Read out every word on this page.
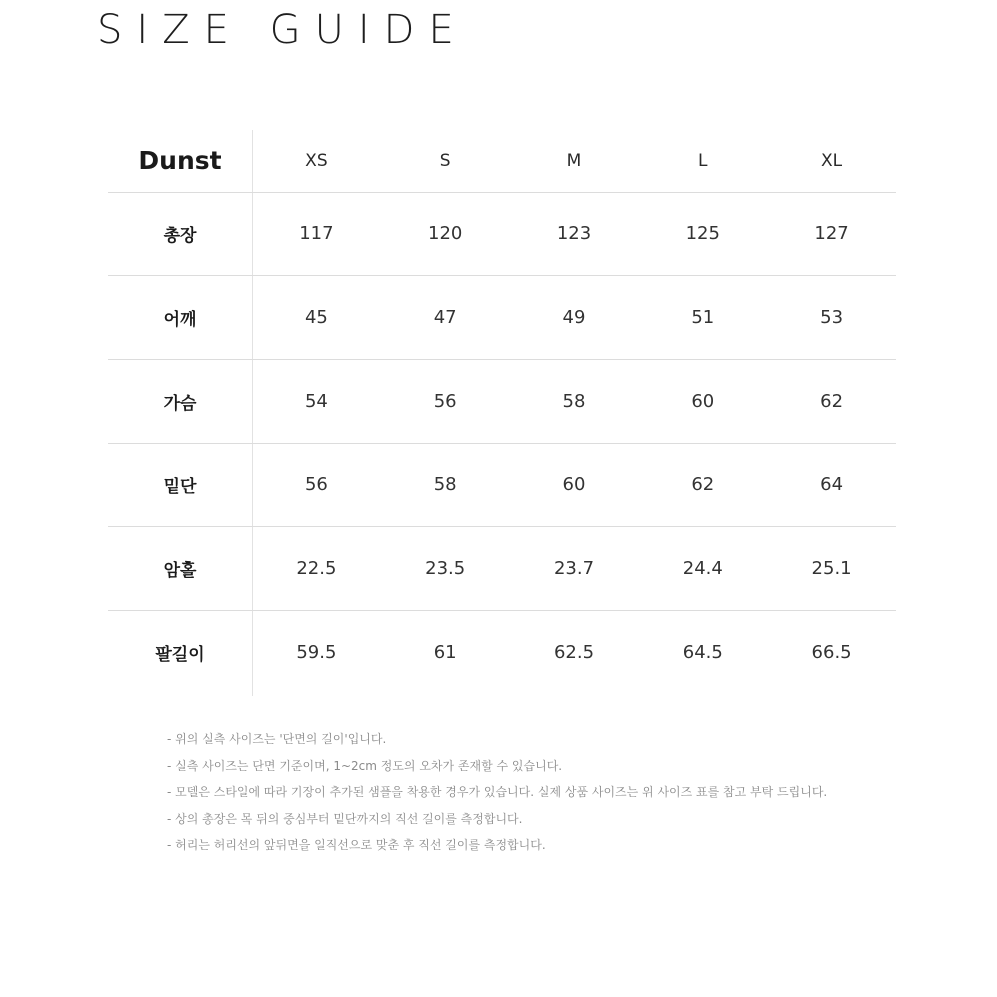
SIZE GUIDE
Dunst	XS	S	M	L	XL
총장	117	120	123	125	127
어깨	45	47	49	51	53
가슴	54	56	58	60	62
밑단	56	58	60	62	64
암홀	22.5	23.5	23.7	24.4	25.1
팔길이	59.5	61	62.5	64.5	66.5
- 위의 실측 사이즈는 '단면의 길이'입니다.
- 실측 사이즈는 단면 기준이며, 1~2cm 정도의 오차가 존재할 수 있습니다.
- 모델은 스타일에 따라 기장이 추가된 샘플을 착용한 경우가 있습니다. 실제 상품 사이즈는 위 사이즈 표를 참고 부탁 드립니다.
- 상의 총장은 목 뒤의 중심부터 밑단까지의 직선 길이를 측정합니다.
- 허리는 허리선의 앞뒤면을 일직선으로 맞춘 후 직선 길이를 측정합니다.
